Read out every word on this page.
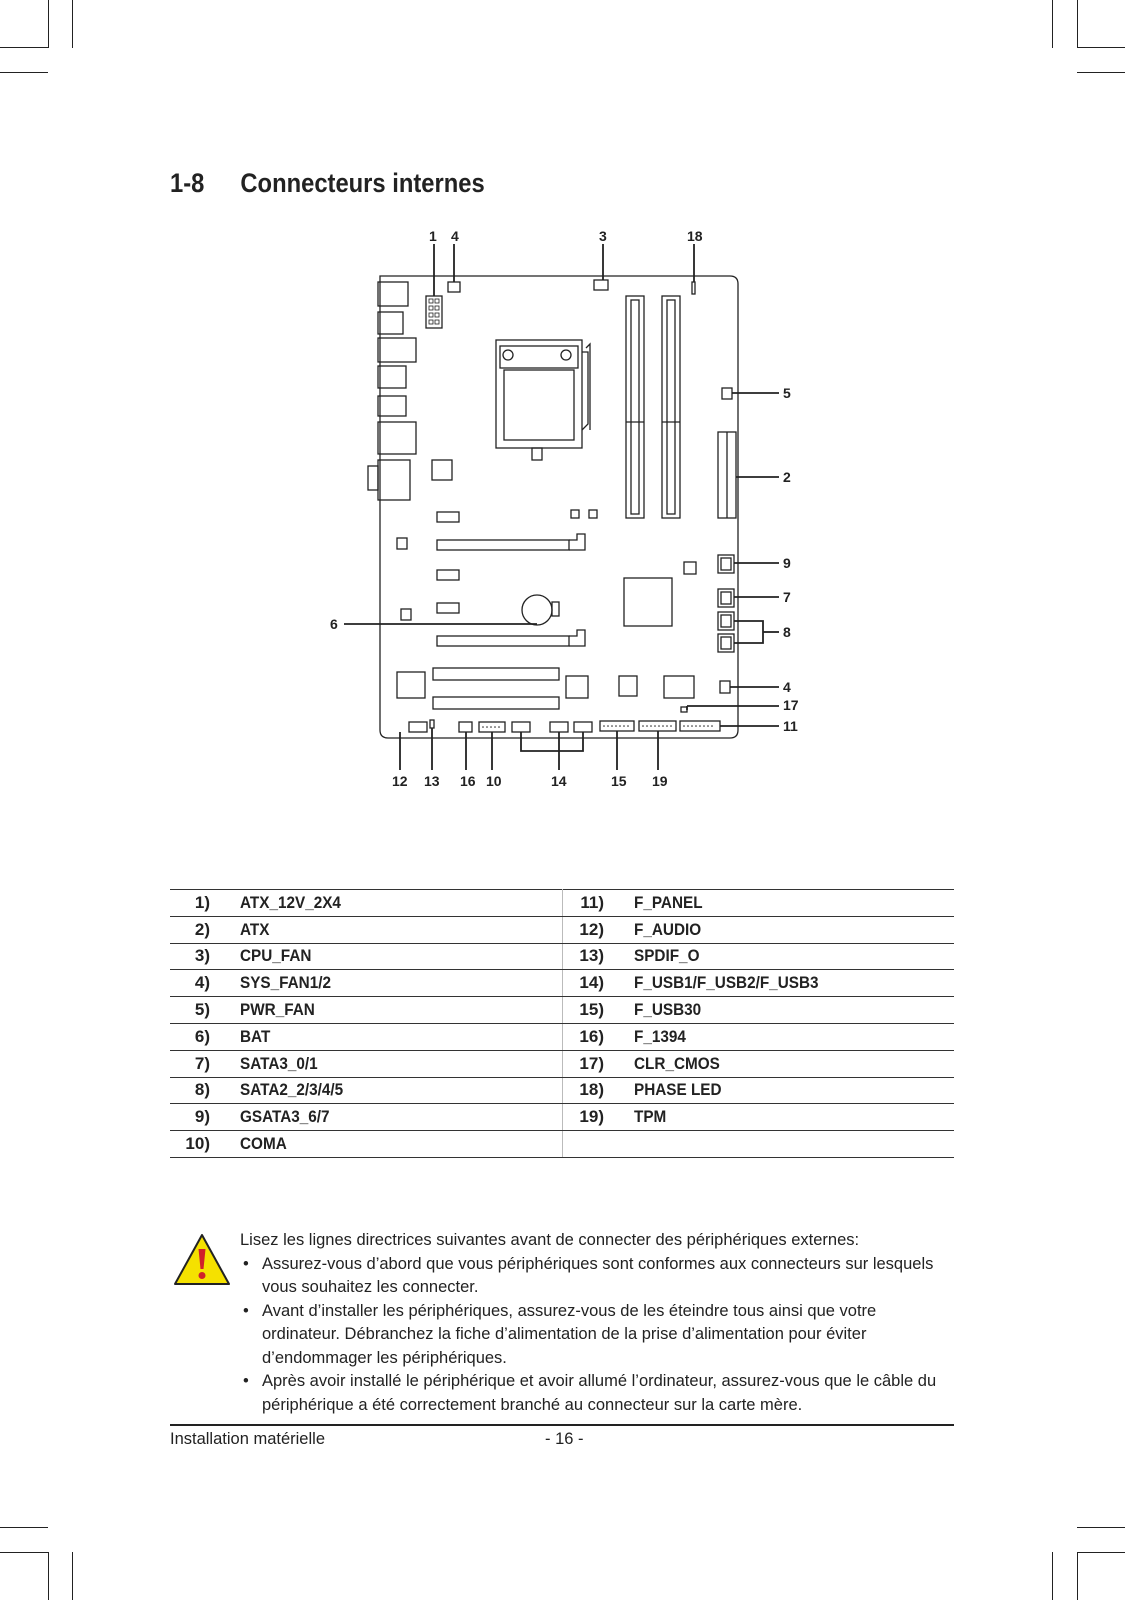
1-8 Connecteurs internes
1 4	3	18
5
2
9
7
8
4
17
11
6
12 13 16 10	14	15 19
1)	ATX_12V_2X4	11)	F_PANEL
2)	ATX	12)	F_AUDIO
3)	CPU_FAN	13)	SPDIF_O
4)	SYS_FAN1/2	14)	F_USB1/F_USB2/F_USB3
5)	PWR_FAN	15)	F_USB30
6)	BAT	16)	F_1394
7)	SATA3_0/1	17)	CLR_CMOS
8)	SATA2_2/3/4/5	18)	PHASE LED
9)	GSATA3_6/7	19)	TPM
10)	COMA		

Lisez les lignes directrices suivantes avant de connecter des périphériques externes:

• Assurez-vous d’abord que vous périphériques sont conformes aux connecteurs sur lesquels vous souhaitez les connecter.
• Avant d’installer les périphériques, assurez-vous de les éteindre tous ainsi que votre ordinateur. Débranchez la fiche d’alimentation de la prise d’alimentation pour éviter d’endommager les périphériques.
• Après avoir installé le périphérique et avoir allumé l’ordinateur, assurez-vous que le câble du périphérique a été correctement branché au connecteur sur la carte mère.
Installation matérielle	- 16 -
